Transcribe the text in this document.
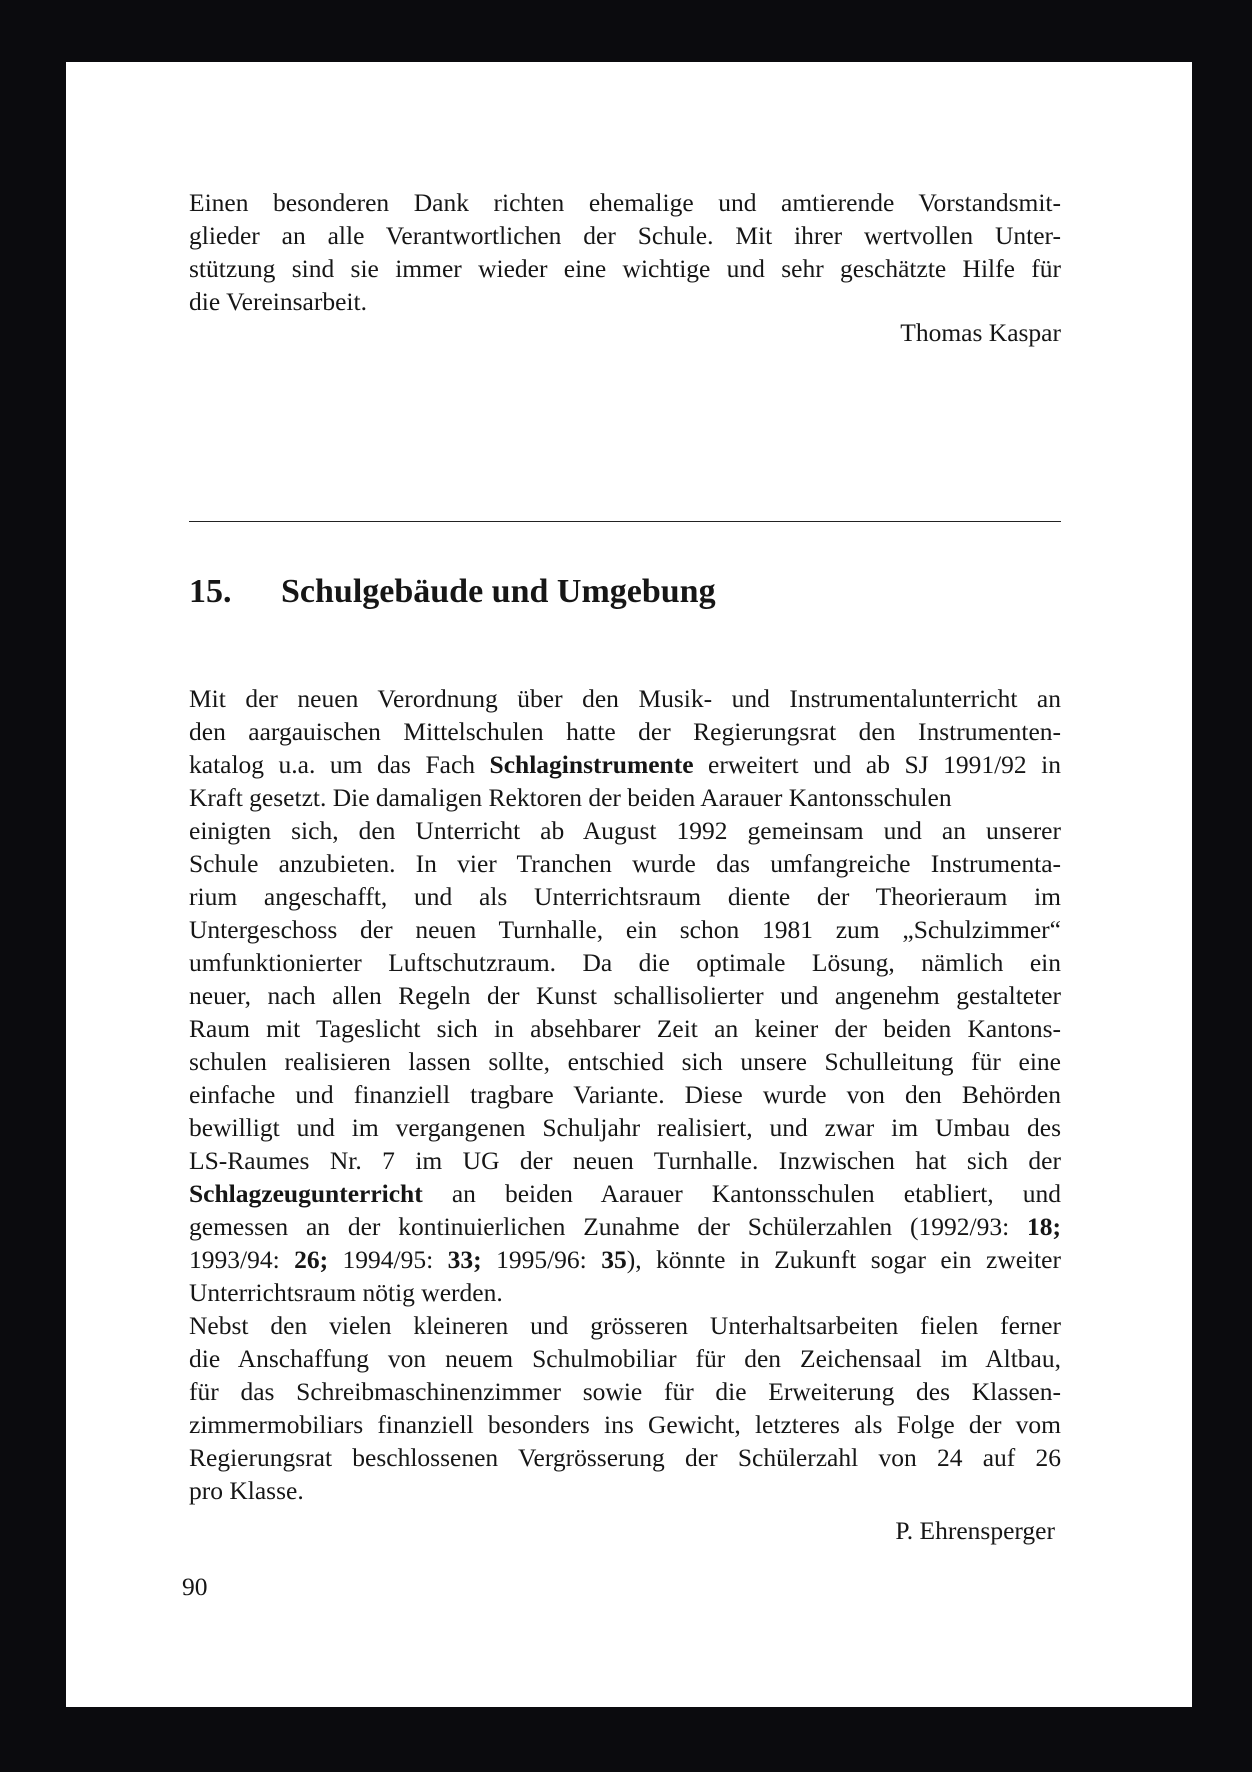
Einen besonderen Dank richten ehemalige und amtierende Vorstandsmit-
glieder an alle Verantwortlichen der Schule. Mit ihrer wertvollen Unter-
stützung sind sie immer wieder eine wichtige und sehr geschätzte Hilfe für
die Vereinsarbeit.
Thomas Kaspar
15. Schulgebäude und Umgebung
Mit der neuen Verordnung über den Musik- und Instrumentalunterricht an
den aargauischen Mittelschulen hatte der Regierungsrat den Instrumenten-
katalog u.a. um das Fach Schlaginstrumente erweitert und ab SJ 1991/92 in
Kraft gesetzt. Die damaligen Rektoren der beiden Aarauer Kantonsschulen
einigten sich, den Unterricht ab August 1992 gemeinsam und an unserer
Schule anzubieten. In vier Tranchen wurde das umfangreiche Instrumenta-
rium angeschafft, und als Unterrichtsraum diente der Theorieraum im
Untergeschoss der neuen Turnhalle, ein schon 1981 zum „Schulzimmer“
umfunktionierter Luftschutzraum. Da die optimale Lösung, nämlich ein
neuer, nach allen Regeln der Kunst schallisolierter und angenehm gestalteter
Raum mit Tageslicht sich in absehbarer Zeit an keiner der beiden Kantons-
schulen realisieren lassen sollte, entschied sich unsere Schulleitung für eine
einfache und finanziell tragbare Variante. Diese wurde von den Behörden
bewilligt und im vergangenen Schuljahr realisiert, und zwar im Umbau des
LS-Raumes Nr. 7 im UG der neuen Turnhalle. Inzwischen hat sich der
Schlagzeugunterricht an beiden Aarauer Kantonsschulen etabliert, und
gemessen an der kontinuierlichen Zunahme der Schülerzahlen (1992/93: 18;
1993/94: 26; 1994/95: 33; 1995/96: 35), könnte in Zukunft sogar ein zweiter
Unterrichtsraum nötig werden.
Nebst den vielen kleineren und grösseren Unterhaltsarbeiten fielen ferner
die Anschaffung von neuem Schulmobiliar für den Zeichensaal im Altbau,
für das Schreibmaschinenzimmer sowie für die Erweiterung des Klassen-
zimmermobiliars finanziell besonders ins Gewicht, letzteres als Folge der vom
Regierungsrat beschlossenen Vergrösserung der Schülerzahl von 24 auf 26
pro Klasse.
P. Ehrensperger
90
